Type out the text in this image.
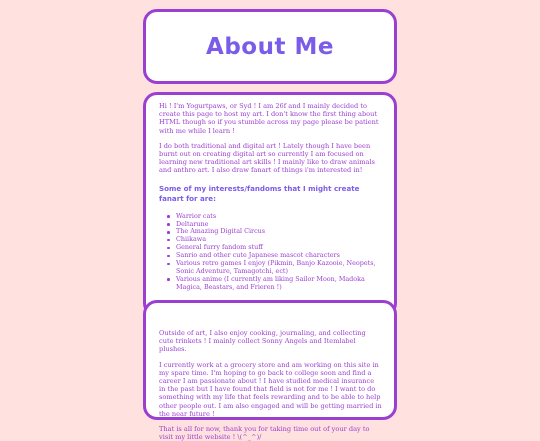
About Me

Hi ! I'm Yogurtpaws, or Syd ! I am 26f and I mainly decided to create this page to host my art. I don't know the first thing about HTML though so if you stumble across my page please be patient with me while I learn !

I do both traditional and digital art ! Lately though I have been burnt out on creating digital art so currently I am focused on learning new traditional art skills ! I mainly like to draw animals and anthro art. I also draw fanart of things i'm interested in!

Some of my interests/fandoms that I might create fanart for are:
Warrior cats
Deltarune
The Amazing Digital Circus
Chiikawa
General furry fandom stuff
Sanrio and other cute Japanese mascot characters
Various retro games I enjoy (Pikmin, Banjo Kazooie, Neopets, Sonic Adventure, Tamagotchi, ect)
Various anime (I currently am liking Sailor Moon, Madoka Magica, Beastars, and Frieren !)

Outside of art, I also enjoy cooking, journaling, and collecting cute trinkets ! I mainly collect Sonny Angels and Itemlabel plushes.

I currently work at a grocery store and am working on this site in my spare time. I'm hoping to go back to college soon and find a career I am passionate about ! I have studied medical insurance in the past but I have found that field is not for me ! I want to do something with my life that feels rewarding and to be able to help other people out. I am also engaged and will be getting married in the near future !

That is all for now, thank you for taking time out of your day to visit my little website ! \(^_^)/
